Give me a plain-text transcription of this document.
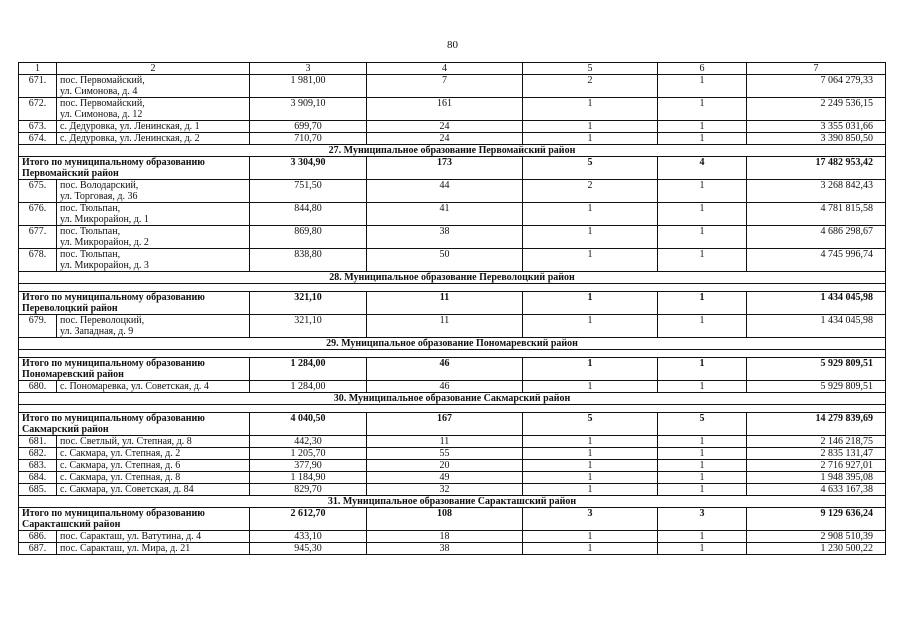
80
1	2	3	4	5	6	7
671.	пос. Первомайский,
ул. Симонова, д. 4	1 981,00	7	2	1	7 064 279,33
672.	пос. Первомайский,
ул. Симонова, д. 12	3 909,10	161	1	1	2 249 536,15
673.	с. Дедуровка, ул. Ленинская, д. 1	699,70	24	1	1	3 355 031,66
674.	с. Дедуровка, ул. Ленинская, д. 2	710,70	24	1	1	3 390 850,50
27. Муниципальное образование Первомайский район						
Итого по муниципальному образованию
Первомайский район		3 304,90	173	5	4	17 482 953,42
675.	пос. Володарский,
ул. Торговая, д. 36	751,50	44	2	1	3 268 842,43
676.	пос. Тюльпан,
ул. Микрорайон, д. 1	844,80	41	1	1	4 781 815,58
677.	пос. Тюльпан,
ул. Микрорайон, д. 2	869,80	38	1	1	4 686 298,67
678.	пос. Тюльпан,
ул. Микрорайон, д. 3	838,80	50	1	1	4 745 996,74
28. Муниципальное образование Переволоцкий район						

Итого по муниципальному образованию
Переволоцкий район		321,10	11	1	1	1 434 045,98
679.	пос. Переволоцкий,
ул. Западная, д. 9	321,10	11	1	1	1 434 045,98
29. Муниципальное образование Пономаревский район						

Итого по муниципальному образованию
Пономаревский район		1 284,00	46	1	1	5 929 809,51
680.	с. Пономаревка, ул. Советская, д. 4	1 284,00	46	1	1	5 929 809,51
30. Муниципальное образование Сакмарский район						

Итого по муниципальному образованию
Сакмарский район		4 040,50	167	5	5	14 279 839,69
681.	пос. Светлый, ул. Степная, д. 8	442,30	11	1	1	2 146 218,75
682.	с. Сакмара, ул. Степная, д. 2	1 205,70	55	1	1	2 835 131,47
683.	с. Сакмара, ул. Степная, д. 6	377,90	20	1	1	2 716 927,01
684.	с. Сакмара, ул. Степная, д. 8	1 184,90	49	1	1	1 948 395,08
685.	с. Сакмара, ул. Советская, д. 84	829,70	32	1	1	4 633 167,38
31. Муниципальное образование Саракташский район						
Итого по муниципальному образованию
Саракташский район		2 612,70	108	3	3	9 129 636,24
686.	пос. Саракташ, ул. Ватутина, д. 4	433,10	18	1	1	2 908 510,39
687.	пос. Саракташ, ул. Мира, д. 21	945,30	38	1	1	1 230 500,22
